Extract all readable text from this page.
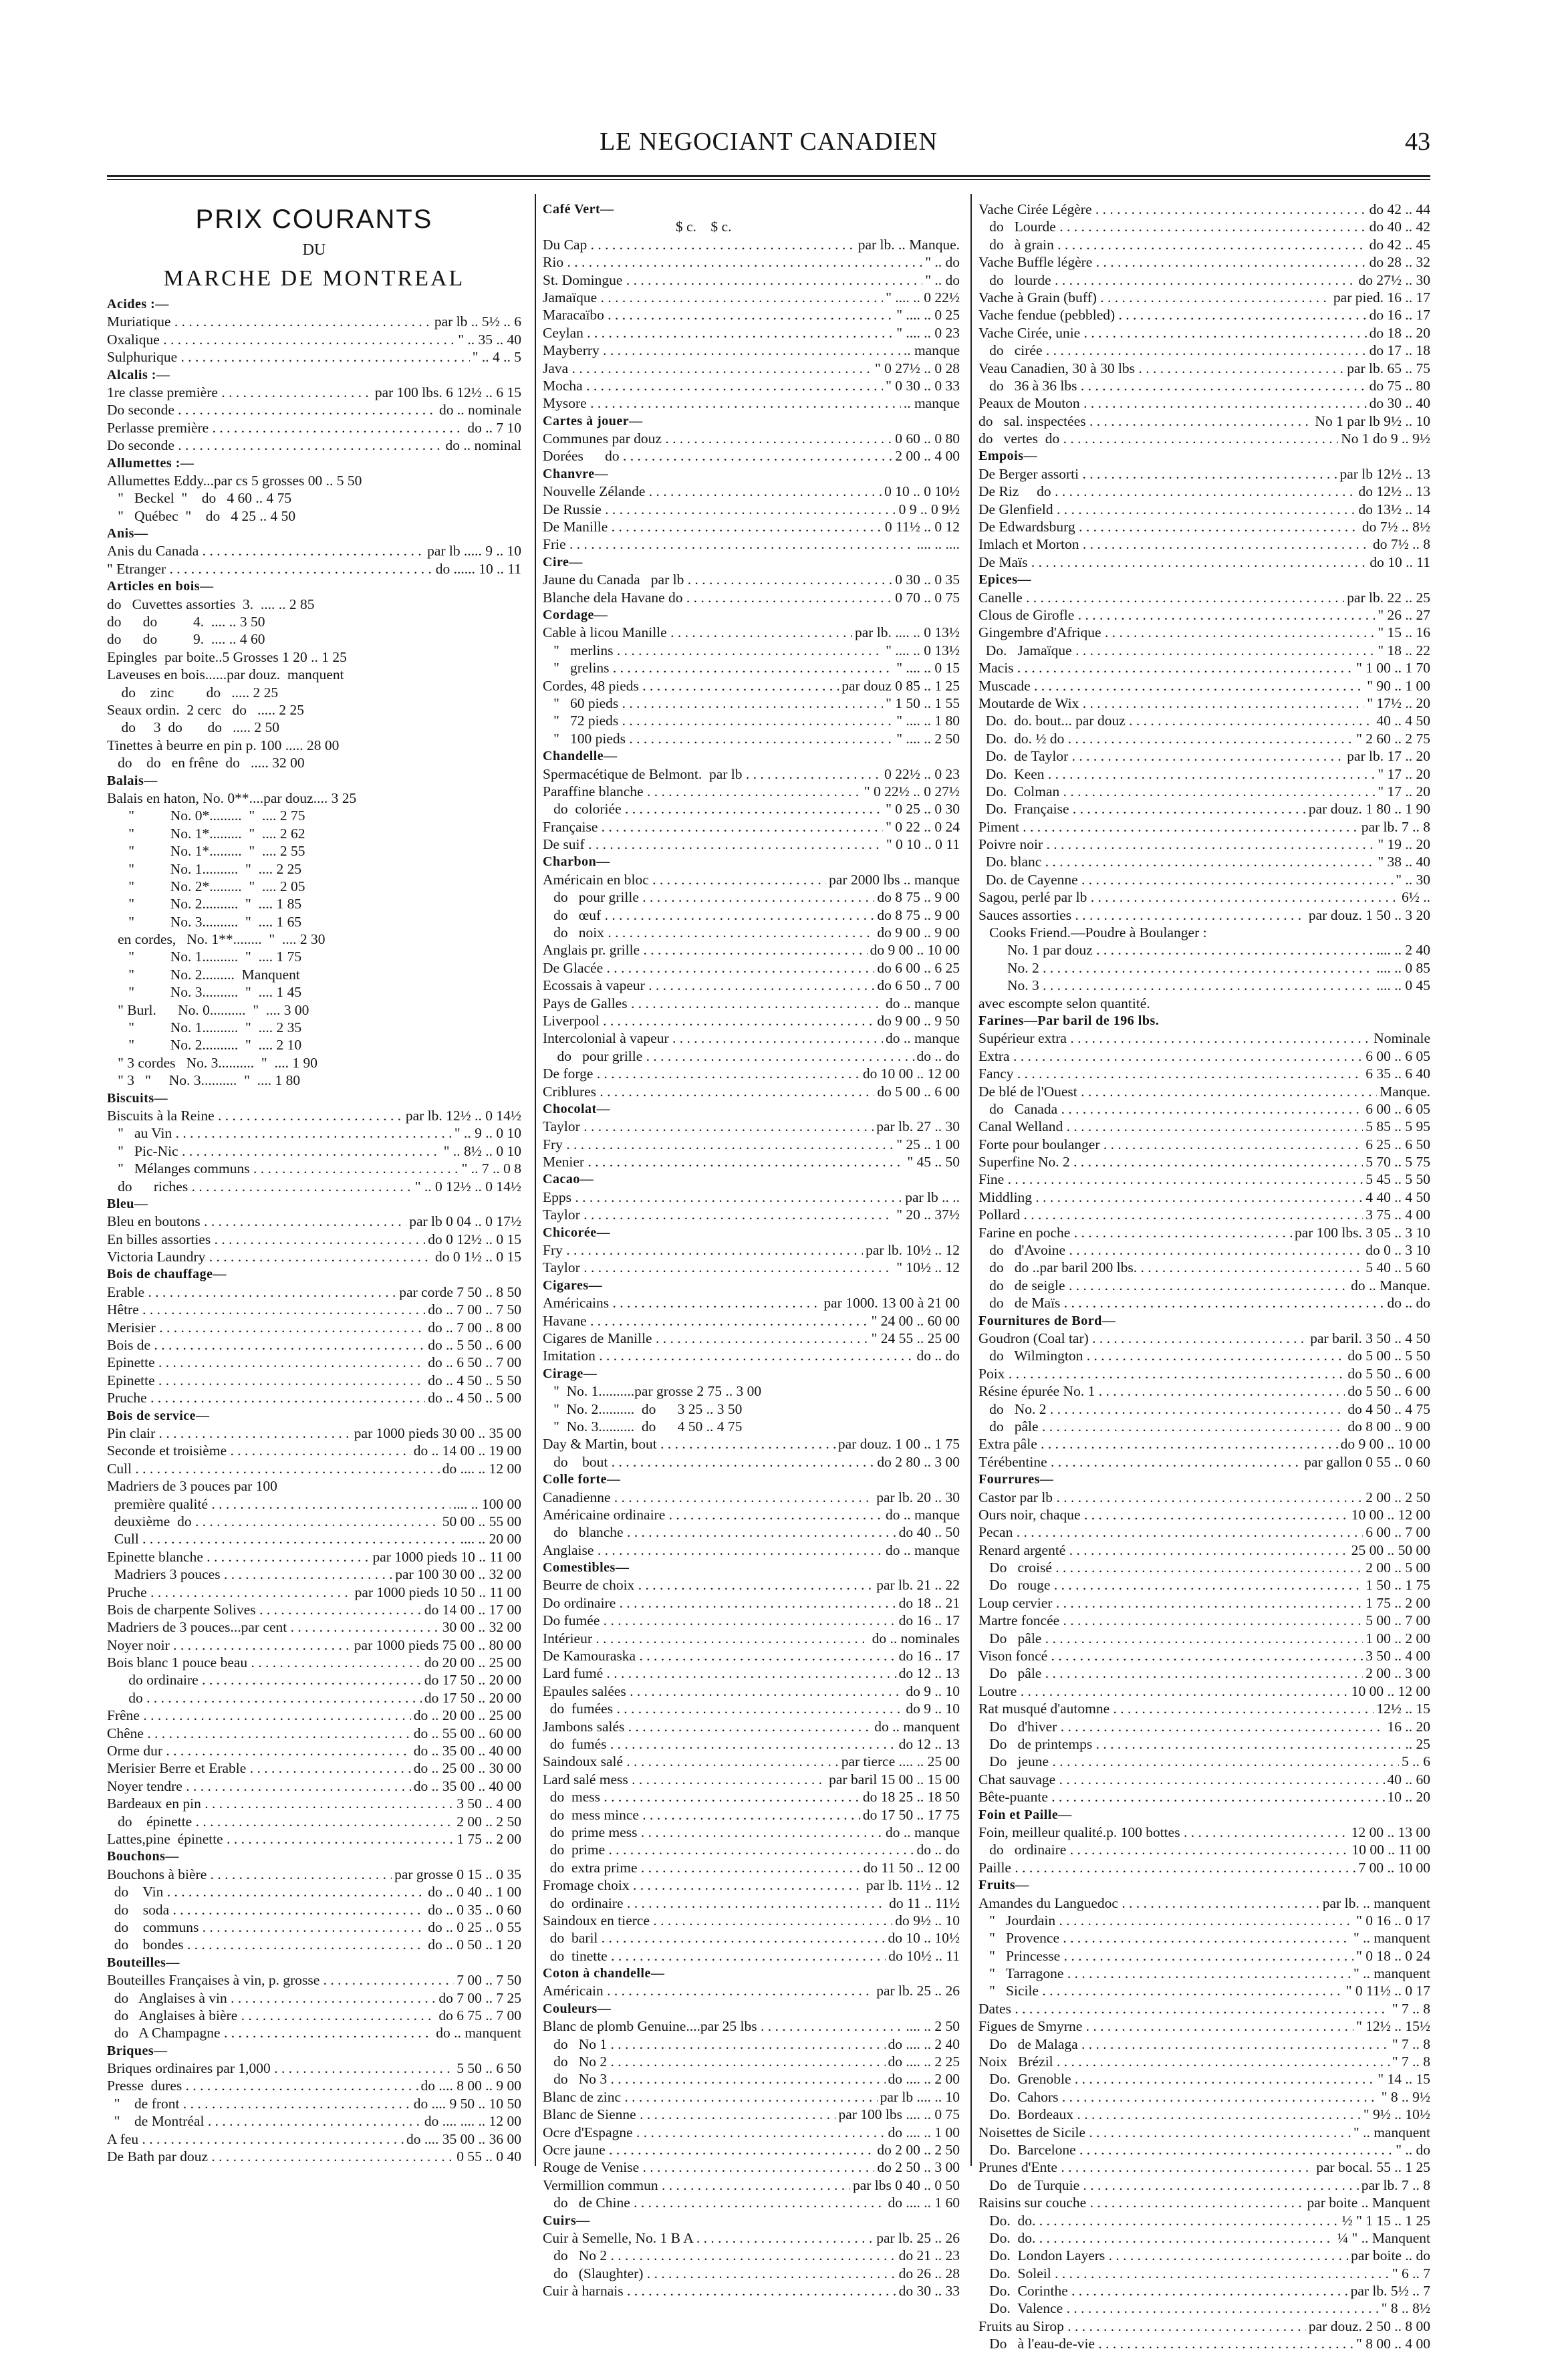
LE NEGOCIANT CANADIEN	43
PRIX COURANTS
DU
MARCHE DE MONTREAL
Acides :—
Muriatique . . .	par lb .. 5½ .. 6
Oxalique . . .	" .. 35 .. 40
Sulphurique . . .	" .. 4 .. 5
Alcalis :—
1re classe première . . .	par 100 lbs. 6 12½ .. 6 15
Do seconde . . .	do .. nominale
Perlasse première . . .	do .. 7 10
Do seconde . . .	do .. nominal
Allumettes :—
Allumettes Eddy...par cs 5 grosses 00 .. 5 50
"   Beckel  "    do   4 60 .. 4 75
"   Québec  "    do   4 25 .. 4 50
Anis—
Anis du Canada . . .	par lb ..... 9 .. 10
" Etranger . . .	do ...... 10 .. 11
Articles en bois—
do   Cuvettes assorties  3.  .... .. 2 85
do      do          4.  .... .. 3 50
do      do          9.  .... .. 4 60
Epingles  par boite..5 Grosses 1 20 .. 1 25
Laveuses en bois......par douz.  manquent
do    zinc         do   ..... 2 25
Seaux ordin.  2 cerc   do   ..... 2 25
do     3  do       do   ..... 2 50
Tinettes à beurre en pin p. 100 ..... 28 00
do    do   en frêne  do   ..... 32 00
Balais—
Balais en haton, No. 0**....par douz.... 3 25
"          No. 0*.........  "  .... 2 75
"          No. 1*.........  "  .... 2 62
"          No. 1*.........  "  .... 2 55
"          No. 1..........  "  .... 2 25
"          No. 2*.........  "  .... 2 05
"          No. 2..........  "  .... 1 85
"          No. 3..........  "  .... 1 65
en cordes,   No. 1**........  "  .... 2 30
"          No. 1..........  "  .... 1 75
"          No. 2.........  Manquent
"          No. 3..........  "  .... 1 45
" Burl.      No. 0..........  "  .... 3 00
"          No. 1..........  "  .... 2 35
"          No. 2..........  "  .... 2 10
" 3 cordes   No. 3..........  "  .... 1 90
" 3   "     No. 3..........  "  .... 1 80
Biscuits—
Biscuits à la Reine . . .	par lb. 12½ .. 0 14½
"   au Vin . . .	" .. 9 .. 0 10
"   Pic-Nic . . .	" .. 8½ .. 0 10
"   Mélanges communs . . .	" .. 7 .. 0 8
do      riches . . .	" .. 0 12½ .. 0 14½
Bleu—
Bleu en boutons . . .	par lb 0 04 .. 0 17½
En billes assorties . . .	do 0 12½ .. 0 15
Victoria Laundry . . .	do 0 1½ .. 0 15
Bois de chauffage—
Erable . . .	par corde 7 50 .. 8 50
Hêtre . . .	do .. 7 00 .. 7 50
Merisier . . .	do .. 7 00 .. 8 00
Bois de . . .	do .. 5 50 .. 6 00
Epinette . . .	do .. 6 50 .. 7 00
Epinette . . .	do .. 4 50 .. 5 50
Pruche . . .	do .. 4 50 .. 5 00
Bois de service—
Pin clair . . .	par 1000 pieds 30 00 .. 35 00
Seconde et troisième . . .	do .. 14 00 .. 19 00
Cull . . .	do .... .. 12 00
Madriers de 3 pouces par 100
première qualité . . .	.... .. 100 00
deuxième  do . . .	50 00 .. 55 00
Cull . . .	.... .. 20 00
Epinette blanche . . .	par 1000 pieds 10 .. 11 00
Madriers 3 pouces . . .	par 100 30 00 .. 32 00
Pruche . . .	par 1000 pieds 10 50 .. 11 00
Bois de charpente Solives . . .	do 14 00 .. 17 00
Madriers de 3 pouces...par cent . . .	30 00 .. 32 00
Noyer noir . . .	par 1000 pieds 75 00 .. 80 00
Bois blanc 1 pouce beau . . .	do 20 00 .. 25 00
do ordinaire . . .	do 17 50 .. 20 00
do . . .	do 17 50 .. 20 00
Frêne . . .	do .. 20 00 .. 25 00
Chêne . . .	do .. 55 00 .. 60 00
Orme dur . . .	do .. 35 00 .. 40 00
Merisier Berre et Erable . . .	do .. 25 00 .. 30 00
Noyer tendre . . .	do .. 35 00 .. 40 00
Bardeaux en pin . . .	3 50 .. 4 00
do    épinette . . .	2 00 .. 2 50
Lattes,pine  épinette . . .	1 75 .. 2 00
Bouchons—
Bouchons à bière . . .	par grosse 0 15 .. 0 35
do    Vin . . .	do .. 0 40 .. 1 00
do    soda . . .	do .. 0 35 .. 0 60
do    communs . . .	do .. 0 25 .. 0 55
do    bondes . . .	do .. 0 50 .. 1 20
Bouteilles—
Bouteilles Françaises à vin, p. grosse . . .	7 00 .. 7 50
do   Anglaises à vin . . .	do 7 00 .. 7 25
do   Anglaises à bière . . .	do 6 75 .. 7 00
do   A Champagne . . .	do .. manquent
Briques—
Briques ordinaires par 1,000 . . .	5 50 .. 6 50
Presse  dures . . .	do .... 8 00 .. 9 00
"    de front . . .	do .... 9 50 .. 10 50
"    de Montréal . . .	do .... .... .. 12 00
A feu . . .	do .... 35 00 .. 36 00
De Bath par douz . . .	0 55 .. 0 40
Café Vert—
$ c.    $ c.
Du Cap . . .	par lb. .. Manque.
Rio . . .	" .. do
St. Domingue . . .	" .. do
Jamaïque . . .	" .... .. 0 22½
Maracaïbo . . .	" .... .. 0 25
Ceylan . . .	" .... .. 0 23
Mayberry . . .	.. manque
Java . . .	" 0 27½ .. 0 28
Mocha . . .	" 0 30 .. 0 33
Mysore . . .	.. manque
Cartes à jouer—
Communes par douz . . .	0 60 .. 0 80
Dorées      do . . .	2 00 .. 4 00
Chanvre—
Nouvelle Zélande . . .	0 10 .. 0 10½
De Russie . . .	0 9 .. 0 9½
De Manille . . .	0 11½ .. 0 12
Frie . . .	.... .. ....
Cire—
Jaune du Canada   par lb . . .	0 30 .. 0 35
Blanche dela Havane do . . .	0 70 .. 0 75
Cordage—
Cable à licou Manille . . .	par lb. .... .. 0 13½
"   merlins . . .	" .... .. 0 13½
"   grelins . . .	" .... .. 0 15
Cordes, 48 pieds . . .	par douz 0 85 .. 1 25
"   60 pieds . . .	" 1 50 .. 1 55
"   72 pieds . . .	" .... .. 1 80
"   100 pieds . . .	" .... .. 2 50
Chandelle—
Spermacétique de Belmont.  par lb . . .	0 22½ .. 0 23
Paraffine blanche . . .	" 0 22½ .. 0 27½
do  coloriée . . .	" 0 25 .. 0 30
Française . . .	" 0 22 .. 0 24
De suif . . .	" 0 10 .. 0 11
Charbon—
Américain en bloc . . .	par 2000 lbs .. manque
do   pour grille . . .	do 8 75 .. 9 00
do   œuf . . .	do 8 75 .. 9 00
do   noix . . .	do 9 00 .. 9 00
Anglais pr. grille . . .	do 9 00 .. 10 00
De Glacée . . .	do 6 00 .. 6 25
Ecossais à vapeur . . .	do 6 50 .. 7 00
Pays de Galles . . .	do .. manque
Liverpool . . .	do 9 00 .. 9 50
Intercolonial à vapeur . . .	do .. manque
do   pour grille . . .	do .. do
De forge . . .	do 10 00 .. 12 00
Criblures . . .	do 5 00 .. 6 00
Chocolat—
Taylor . . .	par lb. 27 .. 30
Fry . . .	" 25 .. 1 00
Menier . . .	" 45 .. 50
Cacao—
Epps . . .	par lb .. ..
Taylor . . .	" 20 .. 37½
Chicorée—
Fry . . .	par lb. 10½ .. 12
Taylor . . .	" 10½ .. 12
Cigares—
Américains . . .	par 1000. 13 00 à 21 00
Havane . . .	" 24 00 .. 60 00
Cigares de Manille . . .	" 24 55 .. 25 00
Imitation . . .	do .. do
Cirage—
"  No. 1..........par grosse 2 75 .. 3 00
"  No. 2..........  do      3 25 .. 3 50
"  No. 3..........  do      4 50 .. 4 75
Day & Martin, bout . . .	par douz. 1 00 .. 1 75
do    bout . . .	do 2 80 .. 3 00
Colle forte—
Canadienne . . .	par lb. 20 .. 30
Américaine ordinaire . . .	do .. manque
do   blanche . . .	do 40 .. 50
Anglaise . . .	do .. manque
Comestibles—
Beurre de choix . . .	par lb. 21 .. 22
Do ordinaire . . .	do 18 .. 21
Do fumée . . .	do 16 .. 17
Intérieur . . .	do .. nominales
De Kamouraska . . .	do 16 .. 17
Lard fumé . . .	do 12 .. 13
Epaules salées . . .	do 9 .. 10
do  fumées . . .	do 9 .. 10
Jambons salés . . .	do .. manquent
do  fumés . . .	do 12 .. 13
Saindoux salé . . .	par tierce .... .. 25 00
Lard salé mess . . .	par baril 15 00 .. 15 00
do  mess . . .	do 18 25 .. 18 50
do  mess mince . . .	do 17 50 .. 17 75
do  prime mess . . .	do .. manque
do  prime . . .	do .. do
do  extra prime . . .	do 11 50 .. 12 00
Fromage choix . . .	par lb. 11½ .. 12
do  ordinaire . . .	do 11 .. 11½
Saindoux en tierce . . .	do 9½ .. 10
do  baril . . .	do 10 .. 10½
do  tinette . . .	do 10½ .. 11
Coton à chandelle—
Américain . . .	par lb. 25 .. 26
Couleurs—
Blanc de plomb Genuine....par 25 lbs . . .	.... .. 2 50
do   No 1 . . .	do .... .. 2 40
do   No 2 . . .	do .... .. 2 25
do   No 3 . . .	do .... .. 2 00
Blanc de zinc . . .	par lb .... .. 10
Blanc de Sienne . . .	par 100 lbs .... .. 0 75
Ocre d'Espagne . . .	do .... .. 1 00
Ocre jaune . . .	do 2 00 .. 2 50
Rouge de Venise . . .	do 2 50 .. 3 00
Vermillion commun . . .	par lbs 0 40 .. 0 50
do   de Chine . . .	do .... .. 1 60
Cuirs—
Cuir à Semelle, No. 1 B A . . .	par lb. 25 .. 26
do   No 2 . . .	do 21 .. 23
do   (Slaughter) . . .	do 26 .. 28
Cuir à harnais . . .	do 30 .. 33
Vache Cirée Légère . . .	do 42 .. 44
do   Lourde . . .	do 40 .. 42
do   à grain . . .	do 42 .. 45
Vache Buffle légère . . .	do 28 .. 32
do   lourde . . .	do 27½ .. 30
Vache à Grain (buff) . . .	par pied. 16 .. 17
Vache fendue (pebbled) . . .	do 16 .. 17
Vache Cirée, unie . . .	do 18 .. 20
do   cirée . . .	do 17 .. 18
Veau Canadien, 30 à 30 lbs . . .	par lb. 65 .. 75
do   36 à 36 lbs . . .	do 75 .. 80
Peaux de Mouton . . .	do 30 .. 40
do   sal. inspectées . . .	No 1 par lb 9½ .. 10
do   vertes  do . . .	No 1 do 9 .. 9½
Empois—
De Berger assorti . . .	par lb 12½ .. 13
De Riz     do . . .	do 12½ .. 13
De Glenfield . . .	do 13½ .. 14
De Edwardsburg . . .	do 7½ .. 8½
Imlach et Morton . . .	do 7½ .. 8
De Maïs . . .	do 10 .. 11
Epices—
Canelle . . .	par lb. 22 .. 25
Clous de Girofle . . .	" 26 .. 27
Gingembre d'Afrique . . .	" 15 .. 16
Do.   Jamaïque . . .	" 18 .. 22
Macis . . .	" 1 00 .. 1 70
Muscade . . .	" 90 .. 1 00
Moutarde de Wix . . .	" 17½ .. 20
Do.  do. bout... par douz . . .	40 .. 4 50
Do.  do. ½ do . . .	" 2 60 .. 2 75
Do.  de Taylor . . .	par lb. 17 .. 20
Do.  Keen . . .	" 17 .. 20
Do.  Colman . . .	" 17 .. 20
Do.  Française . . .	par douz. 1 80 .. 1 90
Piment . . .	par lb. 7 .. 8
Poivre noir . . .	" 19 .. 20
Do. blanc . . .	" 38 .. 40
Do. de Cayenne . . .	" .. 30
Sagou, perlé par lb . . .	6½ ..
Sauces assorties . . .	par douz. 1 50 .. 3 20
Cooks Friend.—Poudre à Boulanger :
No. 1 par douz . . .	.... .. 2 40
No. 2 . . .	.... .. 0 85
No. 3 . . .	.... .. 0 45
avec escompte selon quantité.
Farines—Par baril de 196 lbs.
Supérieur extra . . .	Nominale
Extra . . .	6 00 .. 6 05
Fancy . . .	6 35 .. 6 40
De blé de l'Ouest . . .	Manque.
do   Canada . . .	6 00 .. 6 05
Canal Welland . . .	5 85 .. 5 95
Forte pour boulanger . . .	6 25 .. 6 50
Superfine No. 2 . . .	5 70 .. 5 75
Fine . . .	5 45 .. 5 50
Middling . . .	4 40 .. 4 50
Pollard . . .	3 75 .. 4 00
Farine en poche . . .	par 100 lbs. 3 05 .. 3 10
do   d'Avoine . . .	do 0 .. 3 10
do   do ..par baril 200 lbs. . . .	5 40 .. 5 60
do   de seigle . . .	do .. Manque.
do   de Maïs . . .	do .. do
Fournitures de Bord—
Goudron (Coal tar) . . .	par baril. 3 50 .. 4 50
do   Wilmington . . .	do 5 00 .. 5 50
Poix . . .	do 5 50 .. 6 00
Résine épurée No. 1 . . .	do 5 50 .. 6 00
do   No. 2 . . .	do 4 50 .. 4 75
do   pâle . . .	do 8 00 .. 9 00
Extra pâle . . .	do 9 00 .. 10 00
Térébentine . . .	par gallon 0 55 .. 0 60
Fourrures—
Castor par lb . . .	2 00 .. 2 50
Ours noir, chaque . . .	10 00 .. 12 00
Pecan . . .	6 00 .. 7 00
Renard argenté . . .	25 00 .. 50 00
Do   croisé . . .	2 00 .. 5 00
Do   rouge . . .	1 50 .. 1 75
Loup cervier . . .	1 75 .. 2 00
Martre foncée . . .	5 00 .. 7 00
Do   pâle . . .	1 00 .. 2 00
Vison foncé . . .	3 50 .. 4 00
Do   pâle . . .	2 00 .. 3 00
Loutre . . .	10 00 .. 12 00
Rat musqué d'automne . . .	12½ .. 15
Do   d'hiver . . .	16 .. 20
Do   de printemps . . .	.. 25
Do   jeune . . .	5 .. 6
Chat sauvage . . .	40 .. 60
Bête-puante . . .	10 .. 20
Foin et Paille—
Foin, meilleur qualité.p. 100 bottes . . .	12 00 .. 13 00
do   ordinaire . . .	10 00 .. 11 00
Paille . . .	7 00 .. 10 00
Fruits—
Amandes du Languedoc . . .	par lb. .. manquent
"   Jourdain . . .	" 0 16 .. 0 17
"   Provence . . .	" .. manquent
"   Princesse . . .	" 0 18 .. 0 24
"   Tarragone . . .	" .. manquent
"   Sicile . . .	" 0 11½ .. 0 17
Dates . . .	" 7 .. 8
Figues de Smyrne . . .	" 12½ .. 15½
Do   de Malaga . . .	" 7 .. 8
Noix   Brézil . . .	" 7 .. 8
Do.  Grenoble . . .	" 14 .. 15
Do.  Cahors . . .	" 8 .. 9½
Do.  Bordeaux . . .	" 9½ .. 10½
Noisettes de Sicile . . .	" .. manquent
Do.  Barcelone . . .	" .. do
Prunes d'Ente . . .	par bocal. 55 .. 1 25
Do   de Turquie . . .	par lb. 7 .. 8
Raisins sur couche . . .	par boite .. Manquent
Do.  do. . . .	½ " 1 15 .. 1 25
Do.  do. . . .	¼ " .. Manquent
Do.  London Layers . . .	par boite .. do
Do.  Soleil . . .	" 6 .. 7
Do.  Corinthe . . .	par lb. 5½ .. 7
Do.  Valence . . .	" 8 .. 8½
Fruits au Sirop . . .	par douz. 2 50 .. 8 00
Do   à l'eau-de-vie . . .	" 8 00 .. 4 00
